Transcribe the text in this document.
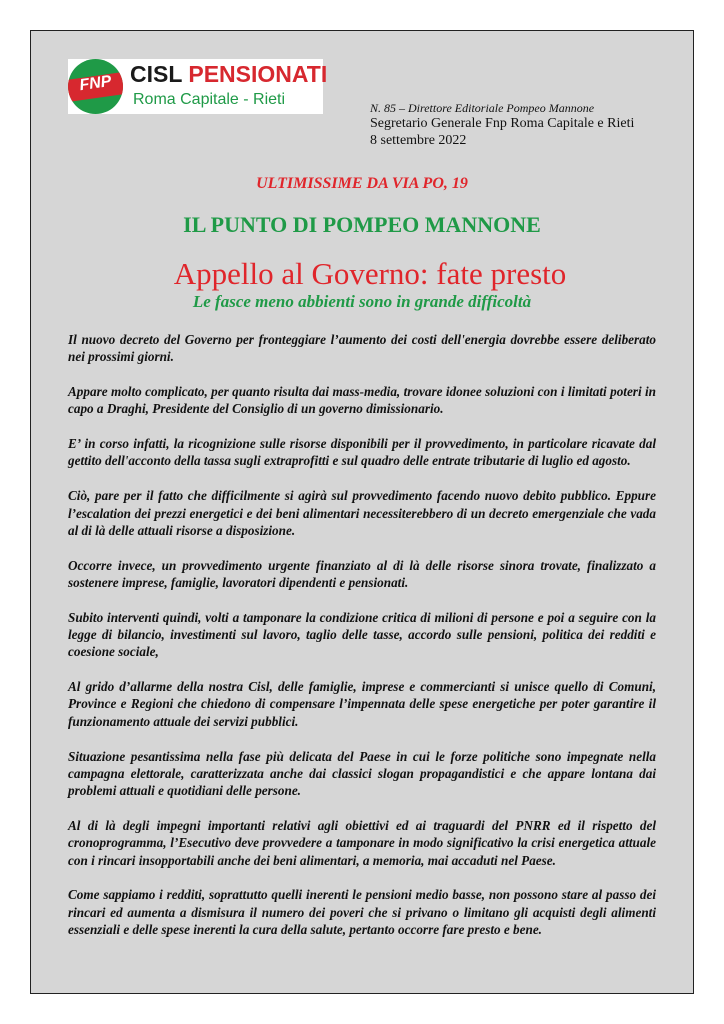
FNP CISL PENSIONATI
Roma Capitale - Rieti	N. 85 – Direttore Editoriale Pompeo Mannone
Segretario Generale Fnp Roma Capitale e Rieti
8 settembre 2022
ULTIMISSIME DA VIA PO, 19
IL PUNTO DI POMPEO MANNONE
Appello al Governo: fate presto
Le fasce meno abbienti sono in grande difficoltà

Il nuovo decreto del Governo per fronteggiare l’aumento dei costi dell'energia dovrebbe essere deliberato nei prossimi giorni.

Appare molto complicato, per quanto risulta dai mass-media, trovare idonee soluzioni con i limitati poteri in capo a Draghi, Presidente del Consiglio di un governo dimissionario.

E’ in corso infatti, la ricognizione sulle risorse disponibili per il provvedimento, in particolare ricavate dal gettito dell'acconto della tassa sugli extraprofitti e sul quadro delle entrate tributarie di luglio ed agosto.

Ciò, pare per il fatto che difficilmente si agirà sul provvedimento facendo nuovo debito pubblico. Eppure l’escalation dei prezzi energetici e dei beni alimentari necessiterebbero di un decreto emergenziale che vada al di là delle attuali risorse a disposizione.

Occorre invece, un provvedimento urgente finanziato al di là delle risorse sinora trovate, finalizzato a sostenere imprese, famiglie, lavoratori dipendenti e pensionati.

Subito interventi quindi, volti a tamponare la condizione critica di milioni di persone e poi a seguire con la legge di bilancio, investimenti sul lavoro, taglio delle tasse, accordo sulle pensioni, politica dei redditi e coesione sociale,

Al grido d’allarme della nostra Cisl, delle famiglie, imprese e commercianti si unisce quello di Comuni, Province e Regioni che chiedono di compensare l’impennata delle spese energetiche per poter garantire il funzionamento attuale dei servizi pubblici.

Situazione pesantissima nella fase più delicata del Paese in cui le forze politiche sono impegnate nella campagna elettorale, caratterizzata anche dai classici slogan propagandistici e che appare lontana dai problemi attuali e quotidiani delle persone.

Al di là degli impegni importanti relativi agli obiettivi ed ai traguardi del PNRR ed il rispetto del cronoprogramma, l’Esecutivo deve provvedere a tamponare in modo significativo la crisi energetica attuale con i rincari insopportabili anche dei beni alimentari, a memoria, mai accaduti nel Paese.

Come sappiamo i redditi, soprattutto quelli inerenti le pensioni medio basse, non possono stare al passo dei rincari ed aumenta a dismisura il numero dei poveri che si privano o limitano gli acquisti degli alimenti essenziali e delle spese inerenti la cura della salute, pertanto occorre fare presto e bene.
